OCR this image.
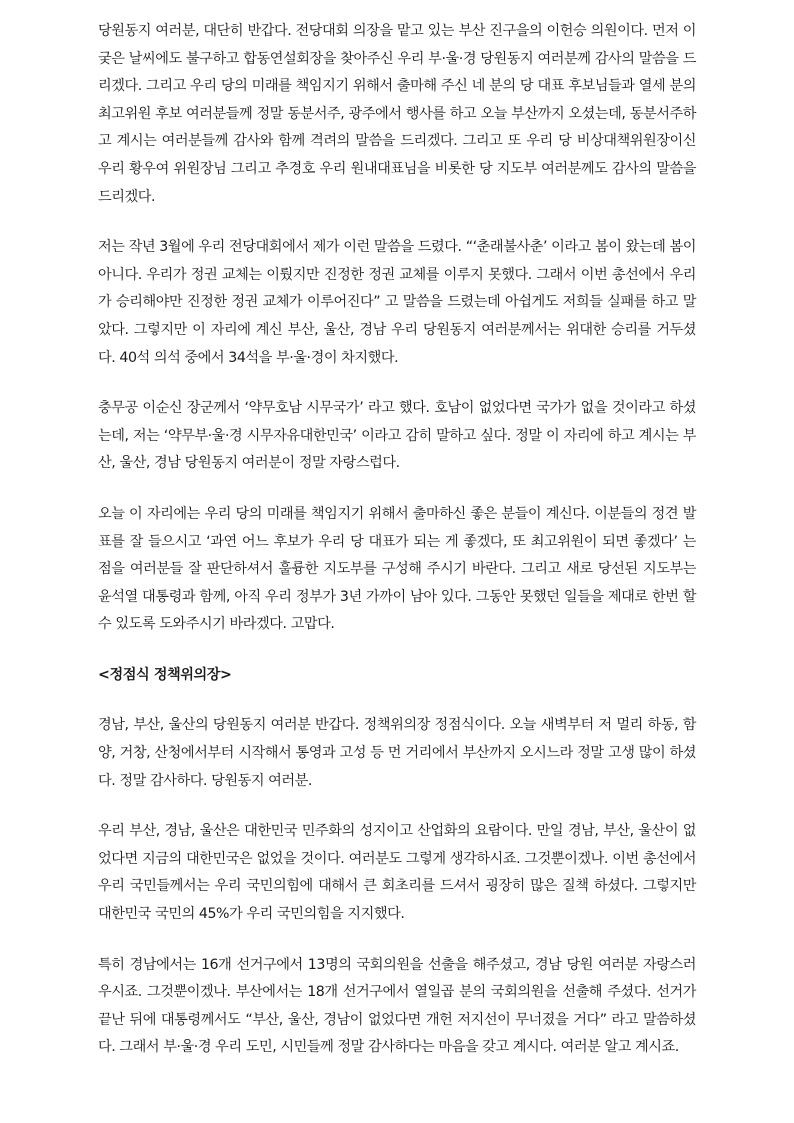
당원동지 여러분, 대단히 반갑다. 전당대회 의장을 맡고 있는 부산 진구을의 이헌승 의원이다. 먼저 이 궂은 날씨에도 불구하고 합동연설회장을 찾아주신 우리 부·울·경 당원동지 여러분께 감사의 말씀을 드리겠다. 그리고 우리 당의 미래를 책임지기 위해서 출마해 주신 네 분의 당 대표 후보님들과 열세 분의 최고위원 후보 여러분들께 정말 동분서주, 광주에서 행사를 하고 오늘 부산까지 오셨는데, 동분서주하고 계시는 여러분들께 감사와 함께 격려의 말씀을 드리겠다. 그리고 또 우리 당 비상대책위원장이신 우리 황우여 위원장님 그리고 추경호 우리 원내대표님을 비롯한 당 지도부 여러분께도 감사의 말씀을 드리겠다.

저는 작년 3월에 우리 전당대회에서 제가 이런 말씀을 드렸다. “‘춘래불사춘’ 이라고 봄이 왔는데 봄이 아니다. 우리가 정권 교체는 이뤘지만 진정한 정권 교체를 이루지 못했다. 그래서 이번 총선에서 우리가 승리해야만 진정한 정권 교체가 이루어진다” 고 말씀을 드렸는데 아쉽게도 저희들 실패를 하고 말았다. 그렇지만 이 자리에 계신 부산, 울산, 경남 우리 당원동지 여러분께서는 위대한 승리를 거두셨다. 40석 의석 중에서 34석을 부·울·경이 차지했다.

충무공 이순신 장군께서 ‘약무호남 시무국가’ 라고 했다. 호남이 없었다면 국가가 없을 것이라고 하셨는데, 저는 ‘약무부·울·경 시무자유대한민국’ 이라고 감히 말하고 싶다. 정말 이 자리에 하고 계시는 부산, 울산, 경남 당원동지 여러분이 정말 자랑스럽다.

오늘 이 자리에는 우리 당의 미래를 책임지기 위해서 출마하신 좋은 분들이 계신다. 이분들의 정견 발표를 잘 들으시고 ‘과연 어느 후보가 우리 당 대표가 되는 게 좋겠다, 또 최고위원이 되면 좋겠다’ 는 점을 여러분들 잘 판단하셔서 훌륭한 지도부를 구성해 주시기 바란다. 그리고 새로 당선된 지도부는 윤석열 대통령과 함께, 아직 우리 정부가 3년 가까이 남아 있다. 그동안 못했던 일들을 제대로 한번 할 수 있도록 도와주시기 바라겠다. 고맙다.

<정점식 정책위의장>

경남, 부산, 울산의 당원동지 여러분 반갑다. 정책위의장 정점식이다. 오늘 새벽부터 저 멀리 하동, 함양, 거창, 산청에서부터 시작해서 통영과 고성 등 먼 거리에서 부산까지 오시느라 정말 고생 많이 하셨다. 정말 감사하다. 당원동지 여러분.

우리 부산, 경남, 울산은 대한민국 민주화의 성지이고 산업화의 요람이다. 만일 경남, 부산, 울산이 없었다면 지금의 대한민국은 없었을 것이다. 여러분도 그렇게 생각하시죠. 그것뿐이겠나. 이번 총선에서 우리 국민들께서는 우리 국민의힘에 대해서 큰 회초리를 드셔서 굉장히 많은 질책 하셨다. 그렇지만 대한민국 국민의 45%가 우리 국민의힘을 지지했다.

특히 경남에서는 16개 선거구에서 13명의 국회의원을 선출을 해주셨고, 경남 당원 여러분 자랑스러우시죠. 그것뿐이겠나. 부산에서는 18개 선거구에서 열일곱 분의 국회의원을 선출해 주셨다. 선거가 끝난 뒤에 대통령께서도 “부산, 울산, 경남이 없었다면 개헌 저지선이 무너졌을 거다” 라고 말씀하셨다. 그래서 부·울·경 우리 도민, 시민들께 정말 감사하다는 마음을 갖고 계시다. 여러분 알고 계시죠.
